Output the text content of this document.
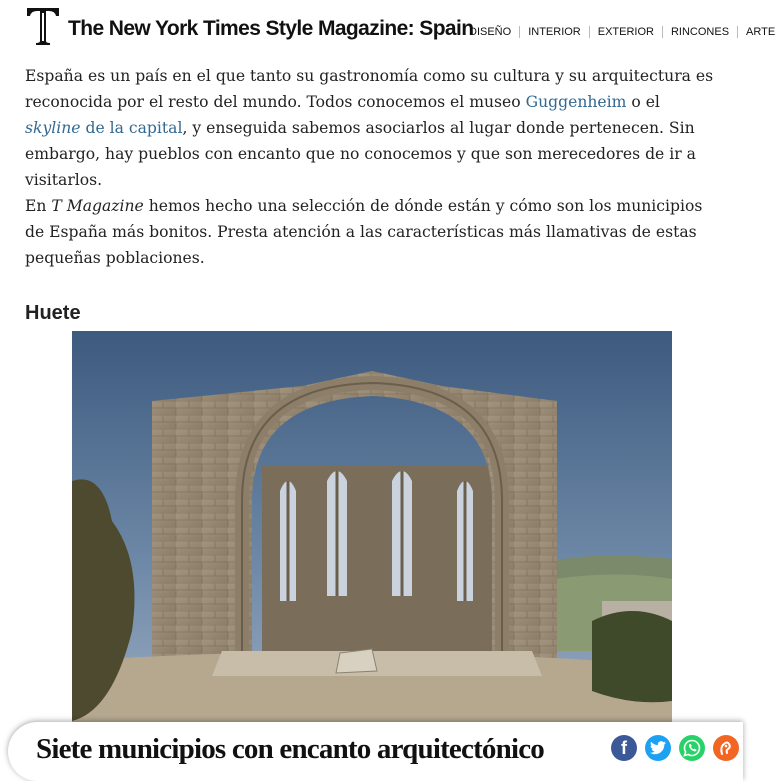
The New York Times Style Magazine: Spain
DISEÑO	INTERIOR	EXTERIOR	RINCONES	ARTE

España es un país en el que tanto su gastronomía como su cultura y su arquitectura es reconocida por el resto del mundo. Todos conocemos el museo Guggenheim o el skyline de la capital, y enseguida sabemos asociarlos al lugar donde pertenecen. Sin embargo, hay pueblos con encanto que no conocemos y que son merecedores de ir a visitarlos.

En T Magazine hemos hecho una selección de dónde están y cómo son los municipios de España más bonitos. Presta atención a las características más llamativas de estas pequeñas poblaciones.

Huete
Siete municipios con encanto arquitectónico	f
